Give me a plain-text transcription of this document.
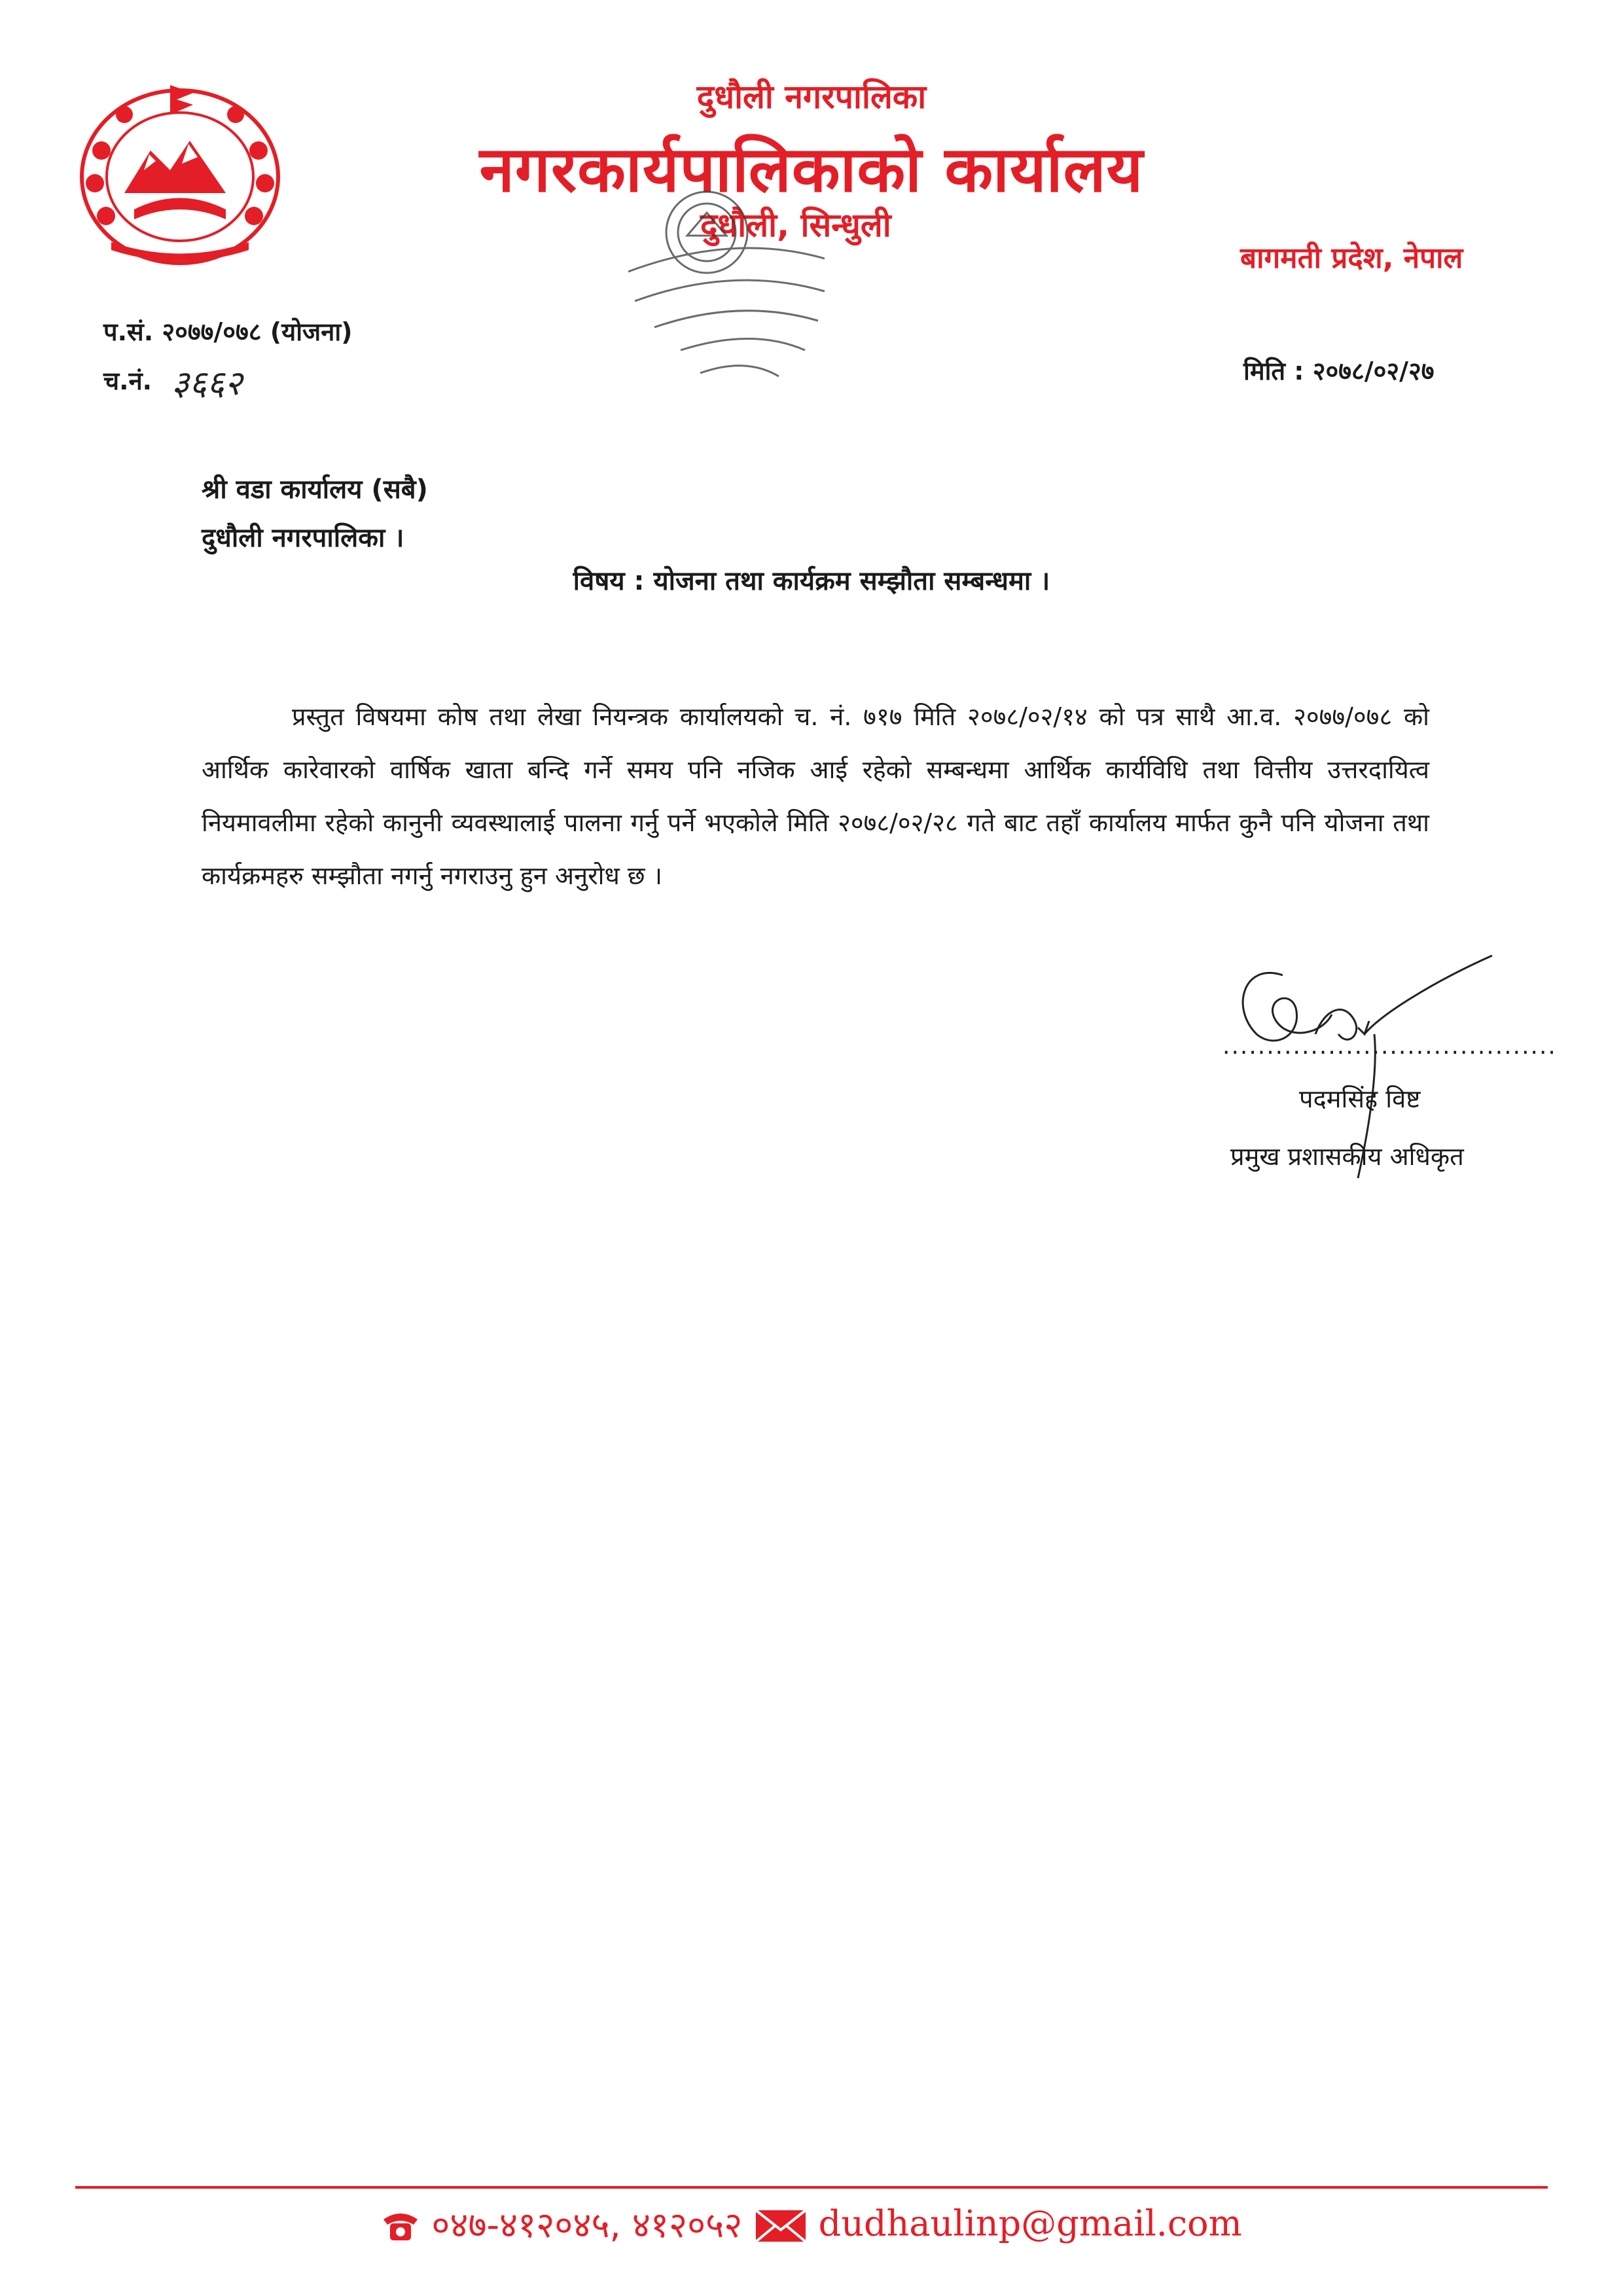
दुधौली नगरपालिका
नगरकार्यपालिकाको कार्यालय
दुधौली, सिन्धुली
बागमती प्रदेश, नेपाल
प.सं. २०७७/०७८ (योजना)
च.नं. ३६६२	मिति : २०७८/०२/२७
श्री वडा कार्यालय (सबै)
दुधौली नगरपालिका ।
विषय : योजना तथा कार्यक्रम सम्झौता सम्बन्धमा ।
प्रस्तुत विषयमा कोष तथा लेखा नियन्त्रक कार्यालयको च. नं. ७१७ मिति २०७८/०२/१४ को पत्र साथै आ.व. २०७७/०७८ को आर्थिक कारेवारको वार्षिक खाता बन्दि गर्ने समय पनि नजिक आई रहेको सम्बन्धमा आर्थिक कार्यविधि तथा वित्तीय उत्तरदायित्व नियमावलीमा रहेको कानुनी व्यवस्थालाई पालना गर्नु पर्ने भएकोले मिति २०७८/०२/२८ गते बाट तहाँ कार्यालय मार्फत कुनै पनि योजना तथा कार्यक्रमहरु सम्झौता नगर्नु नगराउनु हुन अनुरोध छ ।
......................................
पदमसिंह विष्ट
प्रमुख प्रशासकीय अधिकृत
०४७-४१२०४५, ४१२०५२ dudhaulinp@gmail.com
